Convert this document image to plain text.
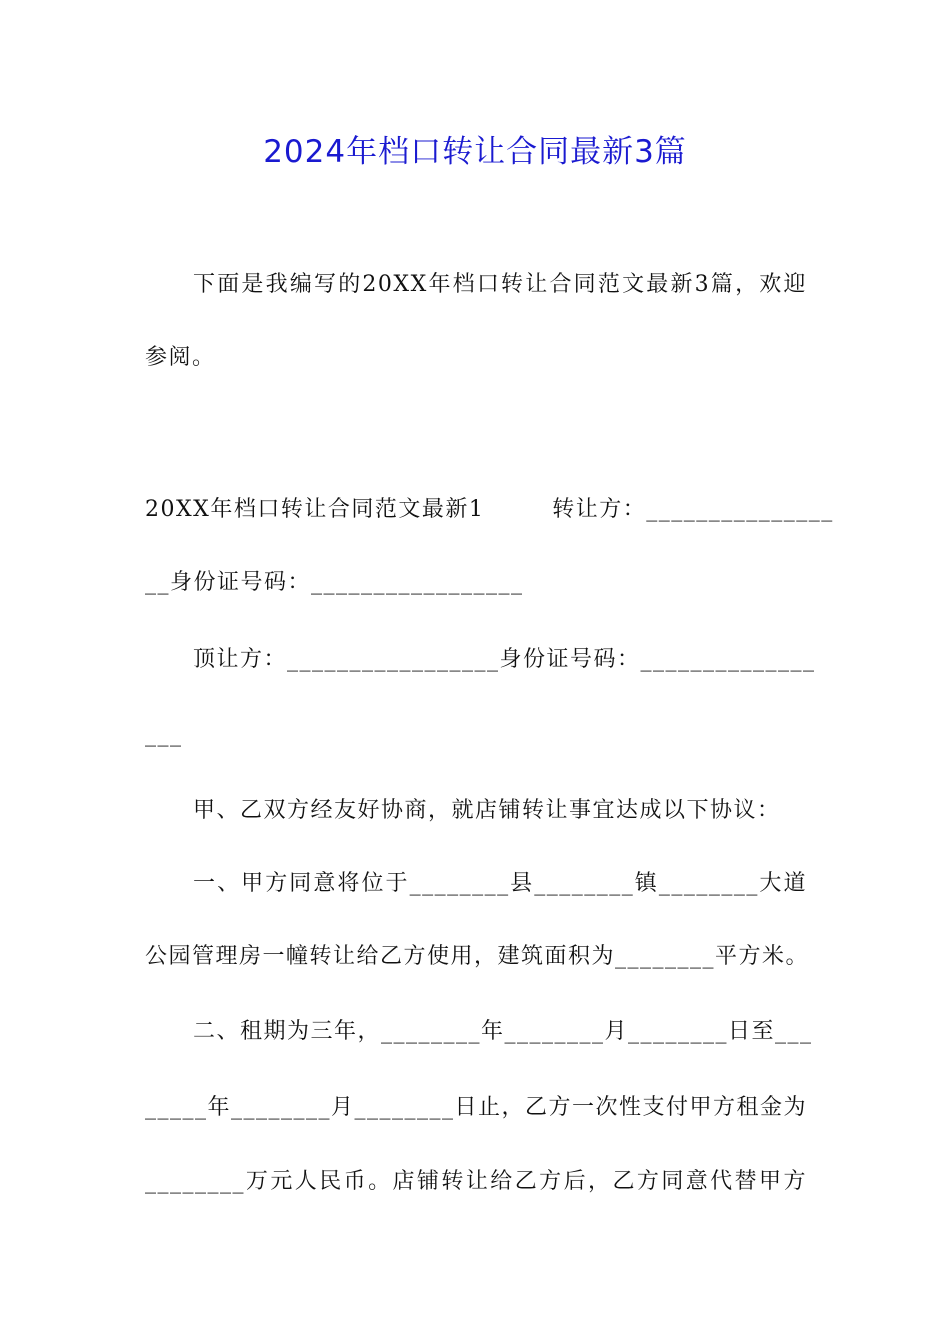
2024年档口转让合同最新3篇

下面是我编写的20XX年档口转让合同范文最新3篇，欢迎

参阅。

20XX年档口转让合同范文最新1        转让方：_______________

__身份证号码：_________________

顶让方：_________________身份证号码：______________

___

甲、乙双方经友好协商，就店铺转让事宜达成以下协议：

一、甲方同意将位于________县________镇________大道

公园管理房一幢转让给乙方使用，建筑面积为________平方米。

二、租期为三年，________年________月________日至___

_____年________月________日止，乙方一次性支付甲方租金为

________万元人民币。店铺转让给乙方后，乙方同意代替甲方
